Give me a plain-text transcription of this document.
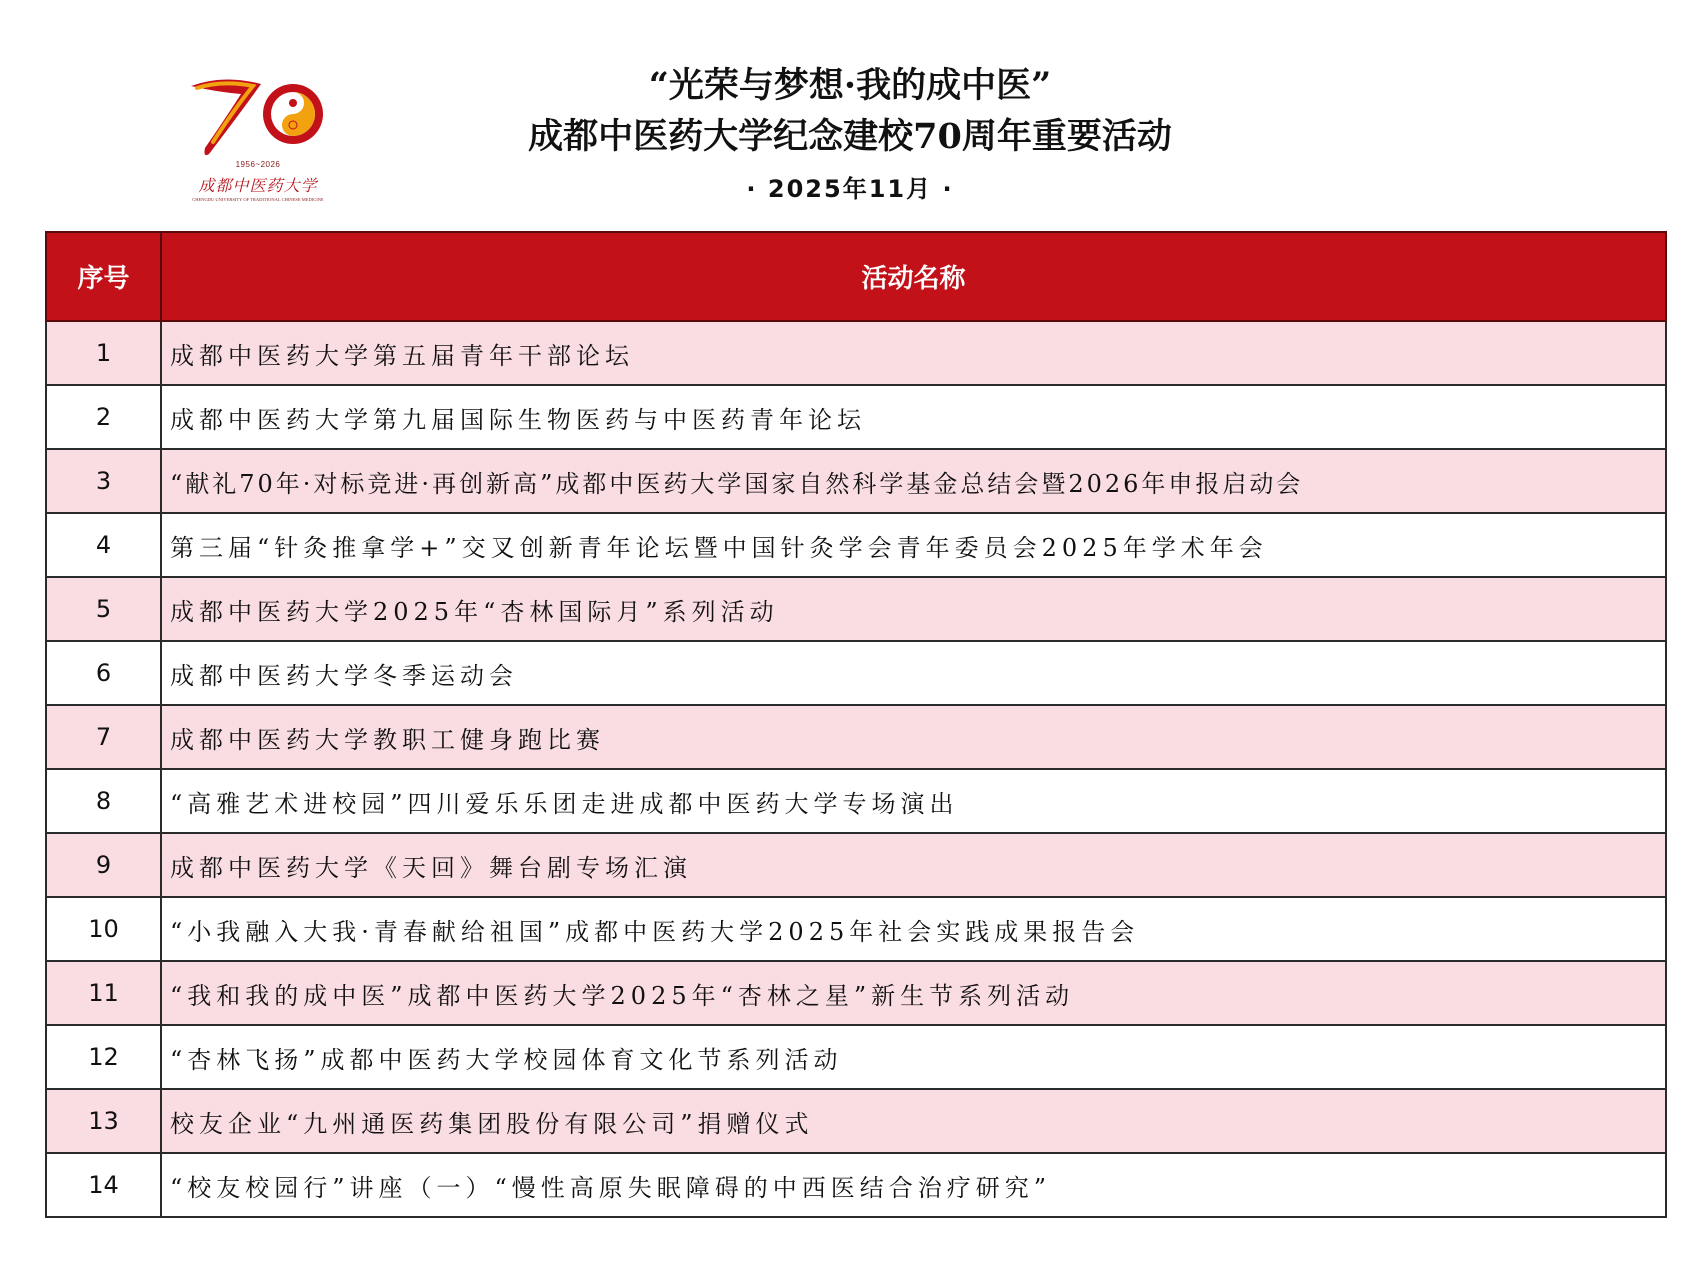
1956~2026
成都中医药大学
CHENGDU UNIVERSITY OF TRADITIONAL CHINESE MEDICINE
“光荣与梦想·我的成中医”
成都中医药大学纪念建校70周年重要活动
· 2025年11月 ·
序号	活动名称
1	成都中医药大学第五届青年干部论坛
2	成都中医药大学第九届国际生物医药与中医药青年论坛
3	“献礼70年·对标竞进·再创新高”成都中医药大学国家自然科学基金总结会暨2026年申报启动会
4	第三届“针灸推拿学+”交叉创新青年论坛暨中国针灸学会青年委员会2025年学术年会
5	成都中医药大学2025年“杏林国际月”系列活动
6	成都中医药大学冬季运动会
7	成都中医药大学教职工健身跑比赛
8	“高雅艺术进校园”四川爱乐乐团走进成都中医药大学专场演出
9	成都中医药大学《天回》舞台剧专场汇演
10	“小我融入大我·青春献给祖国”成都中医药大学2025年社会实践成果报告会
11	“我和我的成中医”成都中医药大学2025年“杏林之星”新生节系列活动
12	“杏林飞扬”成都中医药大学校园体育文化节系列活动
13	校友企业“九州通医药集团股份有限公司”捐赠仪式
14	“校友校园行”讲座（一）“慢性高原失眠障碍的中西医结合治疗研究”
